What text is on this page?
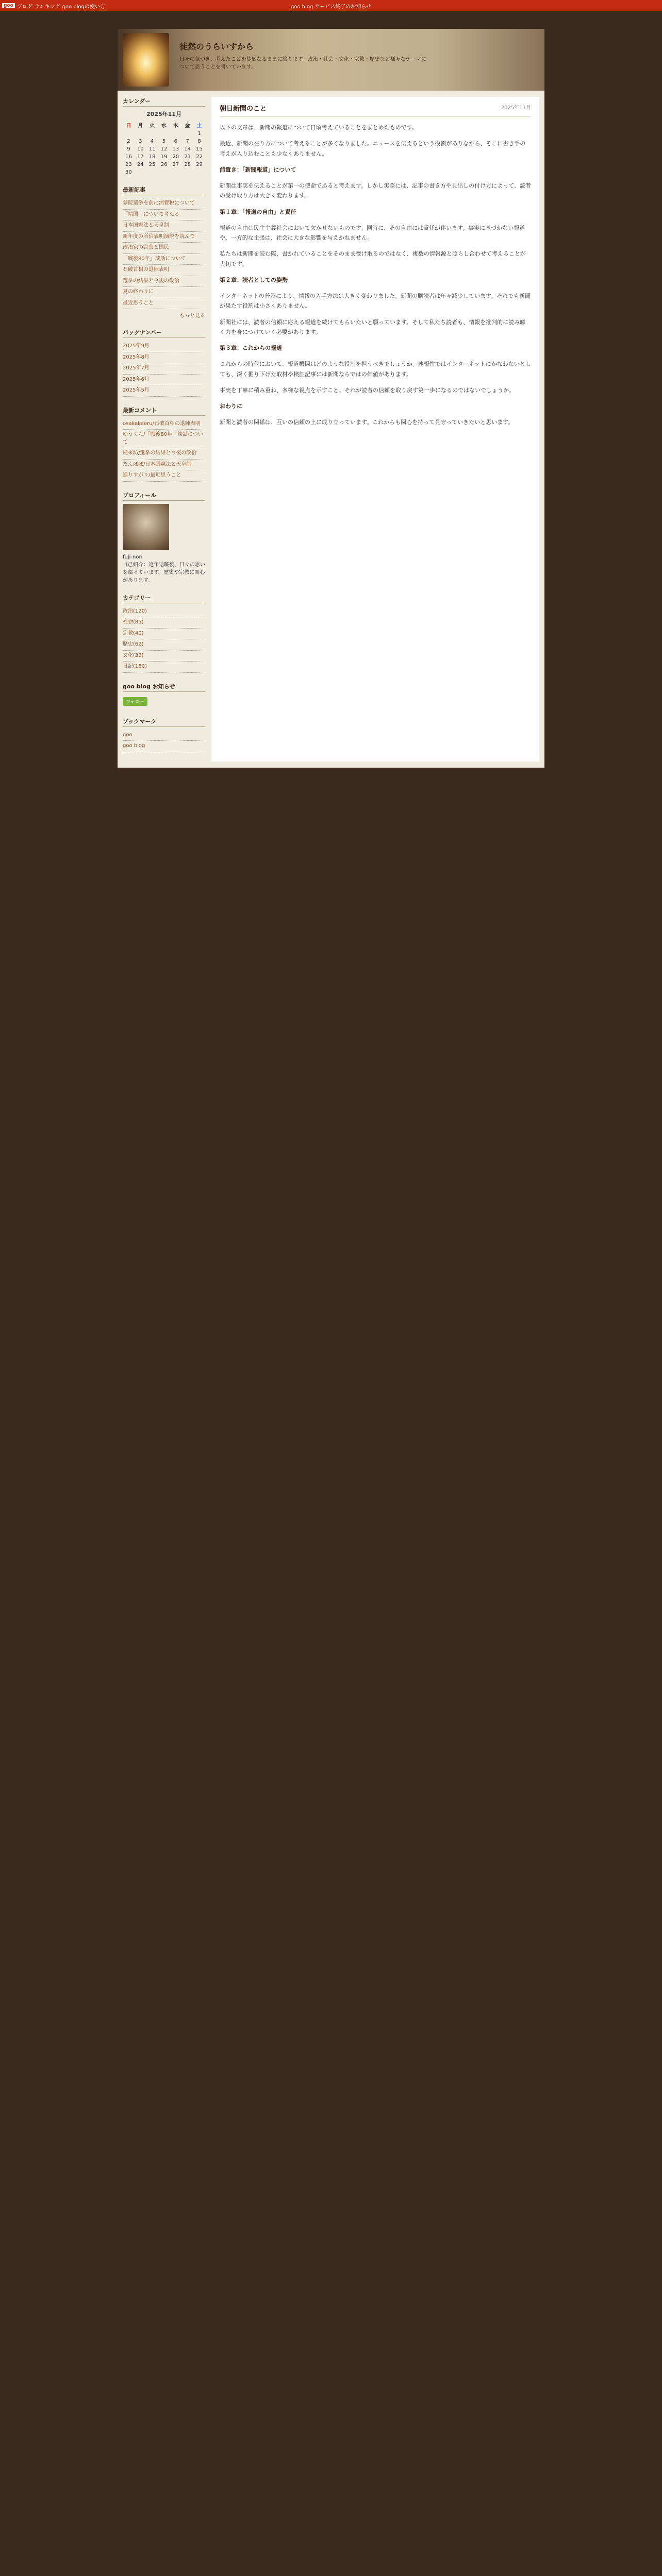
goo ブログ ランキング goo blogの使い方	goo blog サービス終了のお知らせ
徒然のうらいすから
日々の気づき、考えたことを徒然なるままに綴ります。政治・社会・文化・宗教・歴史など様々なテーマについて思うことを書いています。
カレンダー
2025年11月
日	月	火	水	木	金	土
						1
2	3	4	5	6	7	8
9	10	11	12	13	14	15
16	17	18	19	20	21	22
23	24	25	26	27	28	29
30						
最新記事
参院選挙を前に消費税について
「靖国」について考える
日本国憲法と天皇制
新年度の所信表明演説を読んで
政治家の言葉と国民
「戦後80年」談話について
石破首相の退陣表明
選挙の結果と今後の政治
夏の終わりに
最近思うこと
もっと見る
バックナンバー
2025年9月
2025年8月
2025年7月
2025年6月
2025年5月
最新コメント
osakakaeru/石破首相の退陣表明
ゆうくん/「戦後80年」談話について
風来坊/選挙の結果と今後の政治
たんぽぽ/日本国憲法と天皇制
通りすがり/最近思うこと
プロフィール
fuji-nori
自己紹介：定年退職後、日々の思いを綴っています。歴史や宗教に関心があります。
カテゴリー
政治(120)
社会(85)
宗教(40)
歴史(62)
文化(33)
日記(150)
goo blog お知らせ
フォロー
ブックマーク
goo
goo blog
朝日新聞のこと	2025年11月
以下の文章は、新聞の報道について日頃考えていることをまとめたものです。
最近、新聞の在り方について考えることが多くなりました。ニュースを伝えるという役割がありながら、そこに書き手の考えが入り込むことも少なくありません。
前置き：「新聞報道」について
新聞は事実を伝えることが第一の使命であると考えます。しかし実際には、記事の書き方や見出しの付け方によって、読者の受け取り方は大きく変わります。
第１章：「報道の自由」と責任
報道の自由は民主主義社会において欠かせないものです。同時に、その自由には責任が伴います。事実に基づかない報道や、一方的な主張は、社会に大きな影響を与えかねません。
私たちは新聞を読む際、書かれていることをそのまま受け取るのではなく、複数の情報源と照らし合わせて考えることが大切です。
第２章：読者としての姿勢
インターネットの普及により、情報の入手方法は大きく変わりました。新聞の購読者は年々減少しています。それでも新聞が果たす役割は小さくありません。
新聞社には、読者の信頼に応える報道を続けてもらいたいと願っています。そして私たち読者も、情報を批判的に読み解く力を身につけていく必要があります。
第３章：これからの報道
これからの時代において、報道機関はどのような役割を担うべきでしょうか。速報性ではインターネットにかなわないとしても、深く掘り下げた取材や検証記事には新聞ならではの価値があります。
事実を丁寧に積み重ね、多様な視点を示すこと。それが読者の信頼を取り戻す第一歩になるのではないでしょうか。
おわりに
新聞と読者の関係は、互いの信頼の上に成り立っています。これからも関心を持って見守っていきたいと思います。
